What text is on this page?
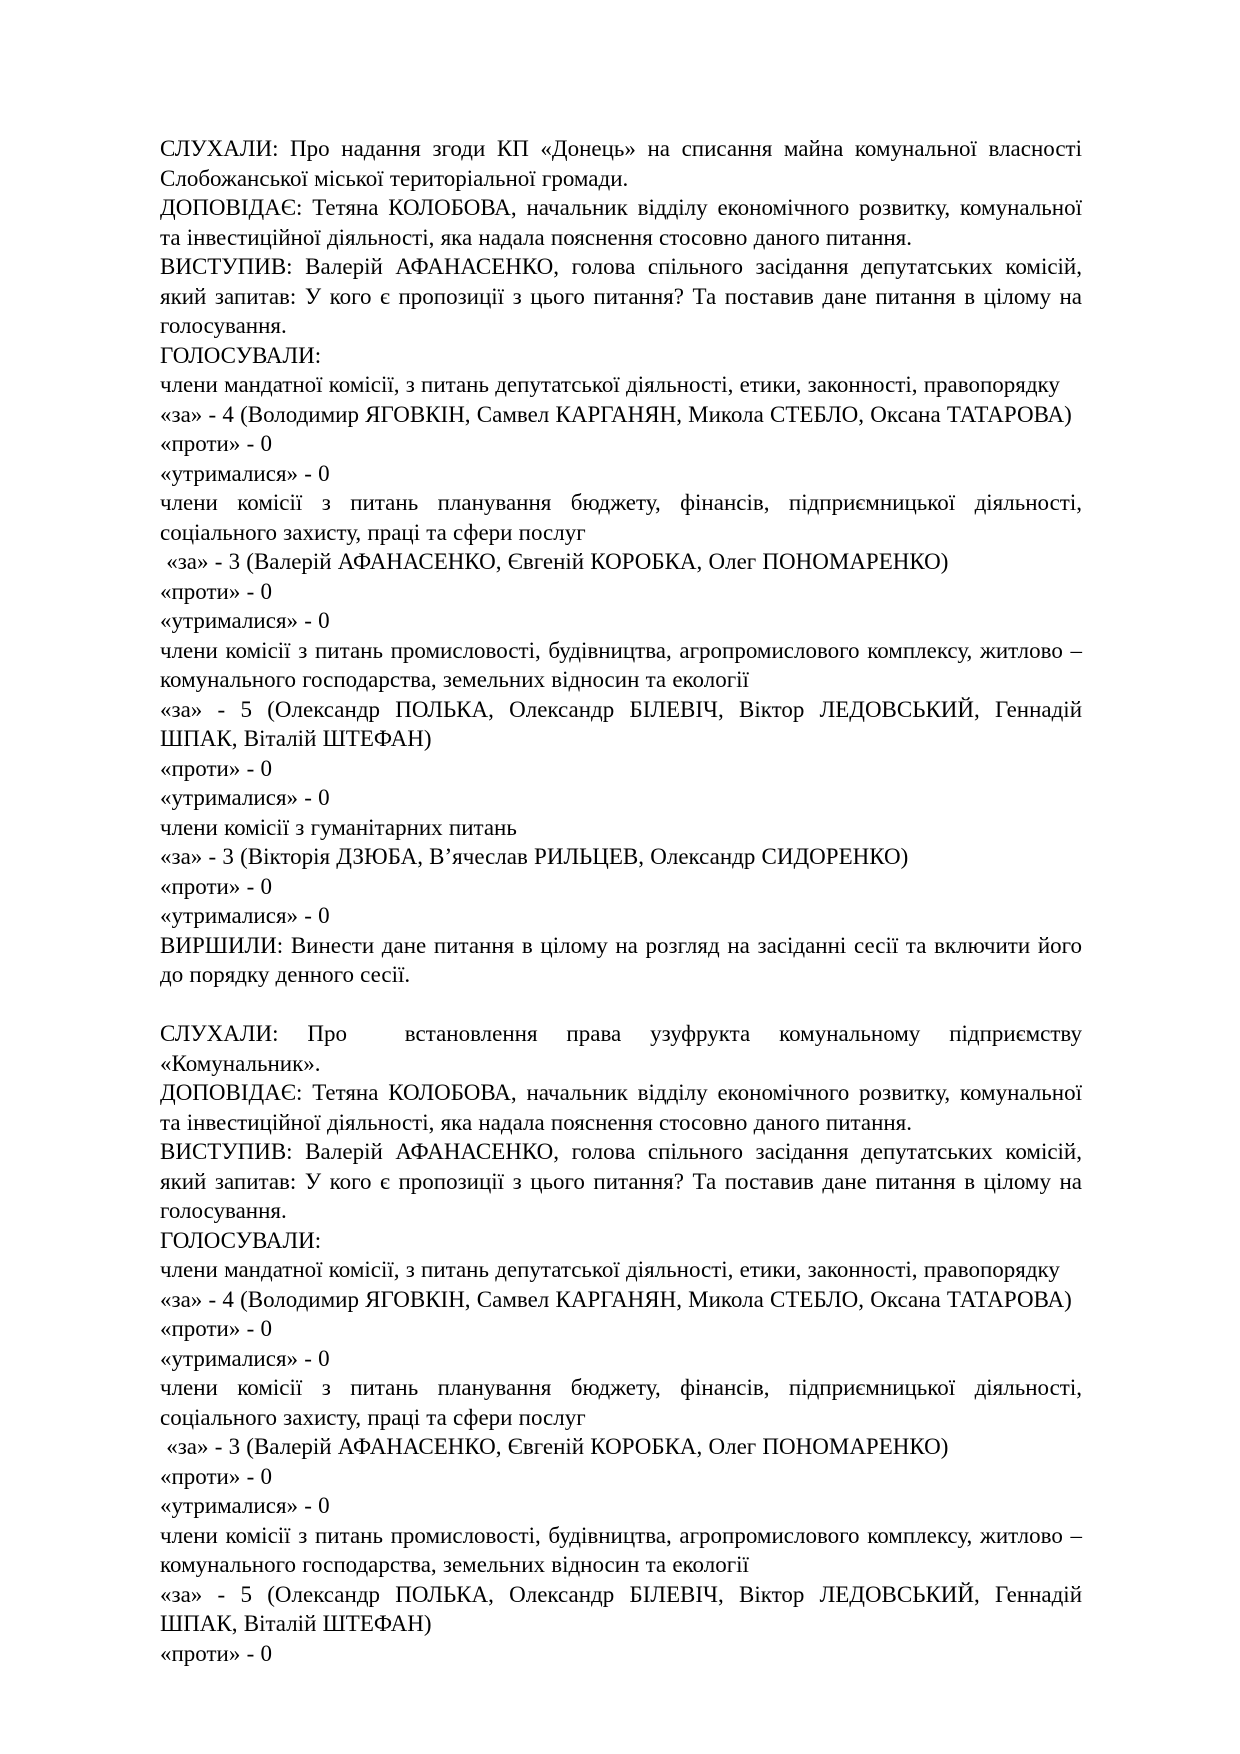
СЛУХАЛИ: Про надання згоди КП «Донець» на списання майна комунальної власності Слобожанської міської територіальної громади.

ДОПОВІДАЄ: Тетяна КОЛОБОВА, начальник відділу економічного розвитку, комунальної та інвестиційної діяльності, яка надала пояснення стосовно даного питання.

ВИСТУПИВ: Валерій АФАНАСЕНКО, голова спільного засідання депутатських комісій, який запитав: У кого є пропозиції з цього питання? Та поставив дане питання в цілому на голосування.

ГОЛОСУВАЛИ:

члени мандатної комісії, з питань депутатської діяльності, етики, законності, правопорядку

«за» - 4 (Володимир ЯГОВКІН, Самвел КАРГАНЯН, Микола СТЕБЛО, Оксана ТАТАРОВА)

«проти» - 0

«утрималися» - 0

члени комісії з питань планування бюджету, фінансів, підприємницької діяльності, соціального захисту, праці та сфери послуг

«за» - 3 (Валерій АФАНАСЕНКО, Євгеній КОРОБКА, Олег ПОНОМАРЕНКО)

«проти» - 0

«утрималися» - 0

члени комісії з питань промисловості, будівництва, агропромислового комплексу, житлово – комунального господарства, земельних відносин та екології

«за» - 5 (Олександр ПОЛЬКА, Олександр БІЛЕВІЧ, Віктор ЛЕДОВСЬКИЙ, Геннадій ШПАК, Віталій ШТЕФАН)

«проти» - 0

«утрималися» - 0

члени комісії з гуманітарних питань

«за» - 3 (Вікторія ДЗЮБА, В’ячеслав РИЛЬЦЕВ, Олександр СИДОРЕНКО)

«проти» - 0

«утрималися» - 0

ВИРШИЛИ: Винести дане питання в цілому на розгляд на засіданні сесії та включити його до порядку денного сесії.

СЛУХАЛИ: Про  встановлення права узуфрукта комунальному підприємству «Комунальник».

ДОПОВІДАЄ: Тетяна КОЛОБОВА, начальник відділу економічного розвитку, комунальної та інвестиційної діяльності, яка надала пояснення стосовно даного питання.

ВИСТУПИВ: Валерій АФАНАСЕНКО, голова спільного засідання депутатських комісій, який запитав: У кого є пропозиції з цього питання? Та поставив дане питання в цілому на голосування.

ГОЛОСУВАЛИ:

члени мандатної комісії, з питань депутатської діяльності, етики, законності, правопорядку

«за» - 4 (Володимир ЯГОВКІН, Самвел КАРГАНЯН, Микола СТЕБЛО, Оксана ТАТАРОВА)

«проти» - 0

«утрималися» - 0

члени комісії з питань планування бюджету, фінансів, підприємницької діяльності, соціального захисту, праці та сфери послуг

«за» - 3 (Валерій АФАНАСЕНКО, Євгеній КОРОБКА, Олег ПОНОМАРЕНКО)

«проти» - 0

«утрималися» - 0

члени комісії з питань промисловості, будівництва, агропромислового комплексу, житлово – комунального господарства, земельних відносин та екології

«за» - 5 (Олександр ПОЛЬКА, Олександр БІЛЕВІЧ, Віктор ЛЕДОВСЬКИЙ, Геннадій ШПАК, Віталій ШТЕФАН)

«проти» - 0
